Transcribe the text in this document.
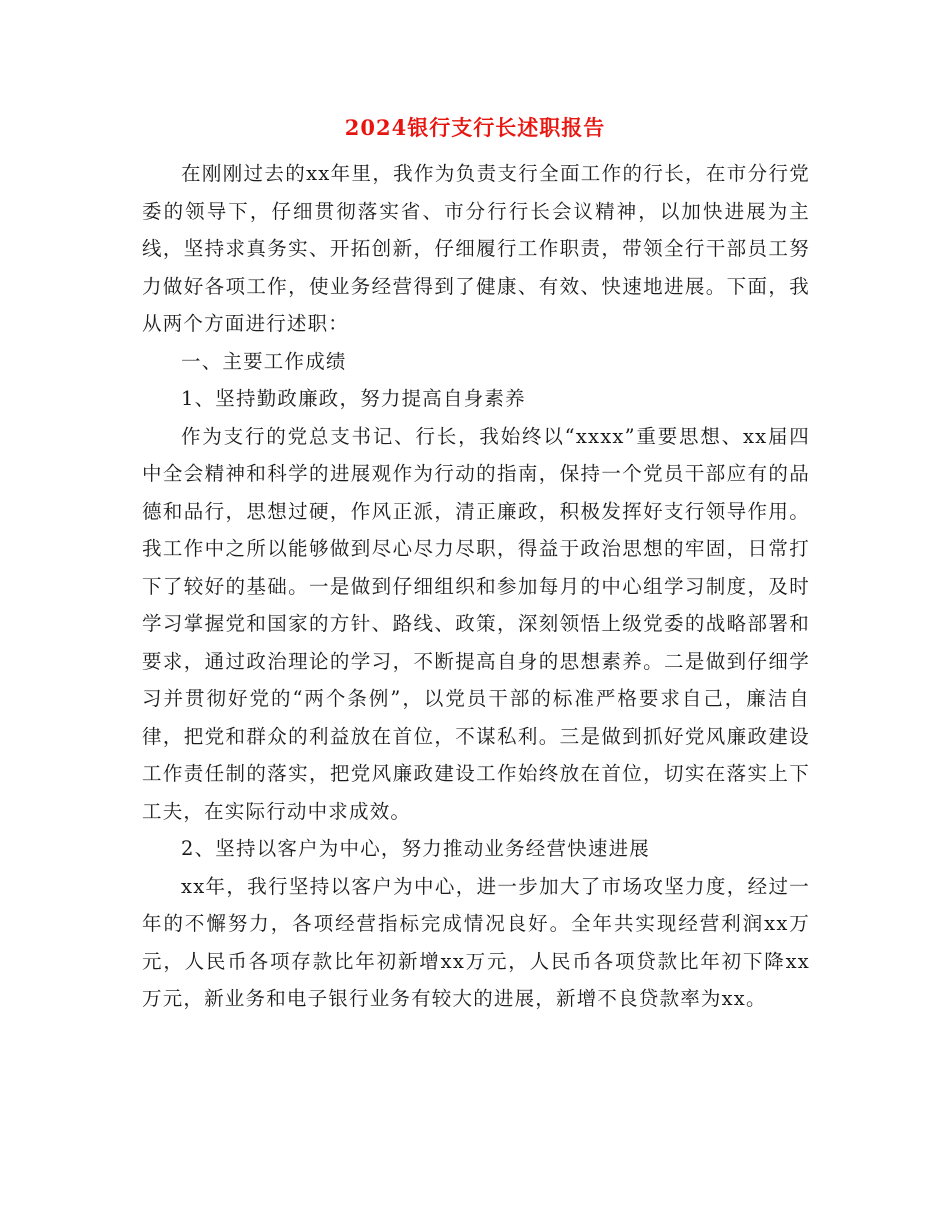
2024银行支行长述职报告

在刚刚过去的xx年里，我作为负责支行全面工作的行长，在市分行党委的领导下，仔细贯彻落实省、市分行行长会议精神，以加快进展为主线，坚持求真务实、开拓创新，仔细履行工作职责，带领全行干部员工努力做好各项工作，使业务经营得到了健康、有效、快速地进展。下面，我从两个方面进行述职：

一、主要工作成绩

1、坚持勤政廉政，努力提高自身素养

作为支行的党总支书记、行长，我始终以“xxxx”重要思想、xx届四中全会精神和科学的进展观作为行动的指南，保持一个党员干部应有的品德和品行，思想过硬，作风正派，清正廉政，积极发挥好支行领导作用。我工作中之所以能够做到尽心尽力尽职，得益于政治思想的牢固，日常打下了较好的基础。一是做到仔细组织和参加每月的中心组学习制度，及时学习掌握党和国家的方针、路线、政策，深刻领悟上级党委的战略部署和要求，通过政治理论的学习，不断提高自身的思想素养。二是做到仔细学习并贯彻好党的“两个条例”，以党员干部的标准严格要求自己，廉洁自律，把党和群众的利益放在首位，不谋私利。三是做到抓好党风廉政建设工作责任制的落实，把党风廉政建设工作始终放在首位，切实在落实上下工夫，在实际行动中求成效。

2、坚持以客户为中心，努力推动业务经营快速进展

xx年，我行坚持以客户为中心，进一步加大了市场攻坚力度，经过一年的不懈努力，各项经营指标完成情况良好。全年共实现经营利润xx万元，人民币各项存款比年初新增xx万元，人民币各项贷款比年初下降xx万元，新业务和电子银行业务有较大的进展，新增不良贷款率为xx。
